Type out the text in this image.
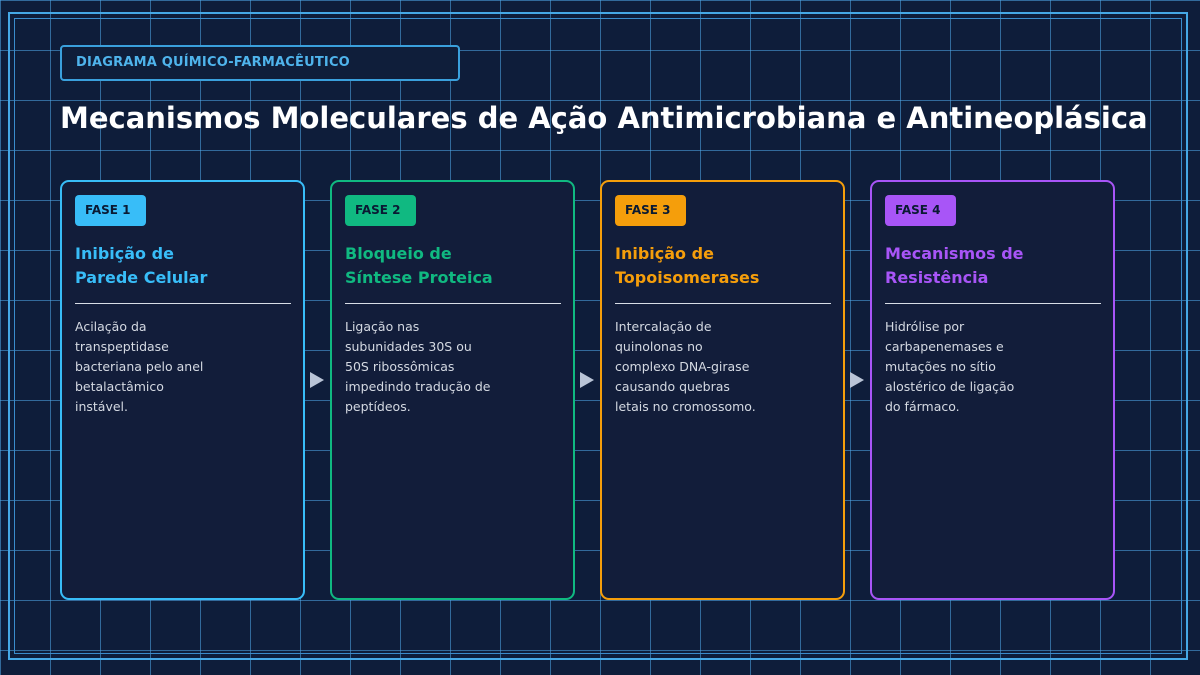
DIAGRAMA QUÍMICO-FARMACÊUTICO
Mecanismos Moleculares de Ação Antimicrobiana e Antineoplásica
FASE 1
Inibição de
Parede Celular
Acilação da
transpeptidase
bacteriana pelo anel
betalactâmico
instável.
FASE 2
Bloqueio de
Síntese Proteica
Ligação nas
subunidades 30S ou
50S ribossômicas
impedindo tradução de
peptídeos.
FASE 3
Inibição de
Topoisomerases
Intercalação de
quinolonas no
complexo DNA-girase
causando quebras
letais no cromossomo.
FASE 4
Mecanismos de
Resistência
Hidrólise por
carbapenemases e
mutações no sítio
alostérico de ligação
do fármaco.
